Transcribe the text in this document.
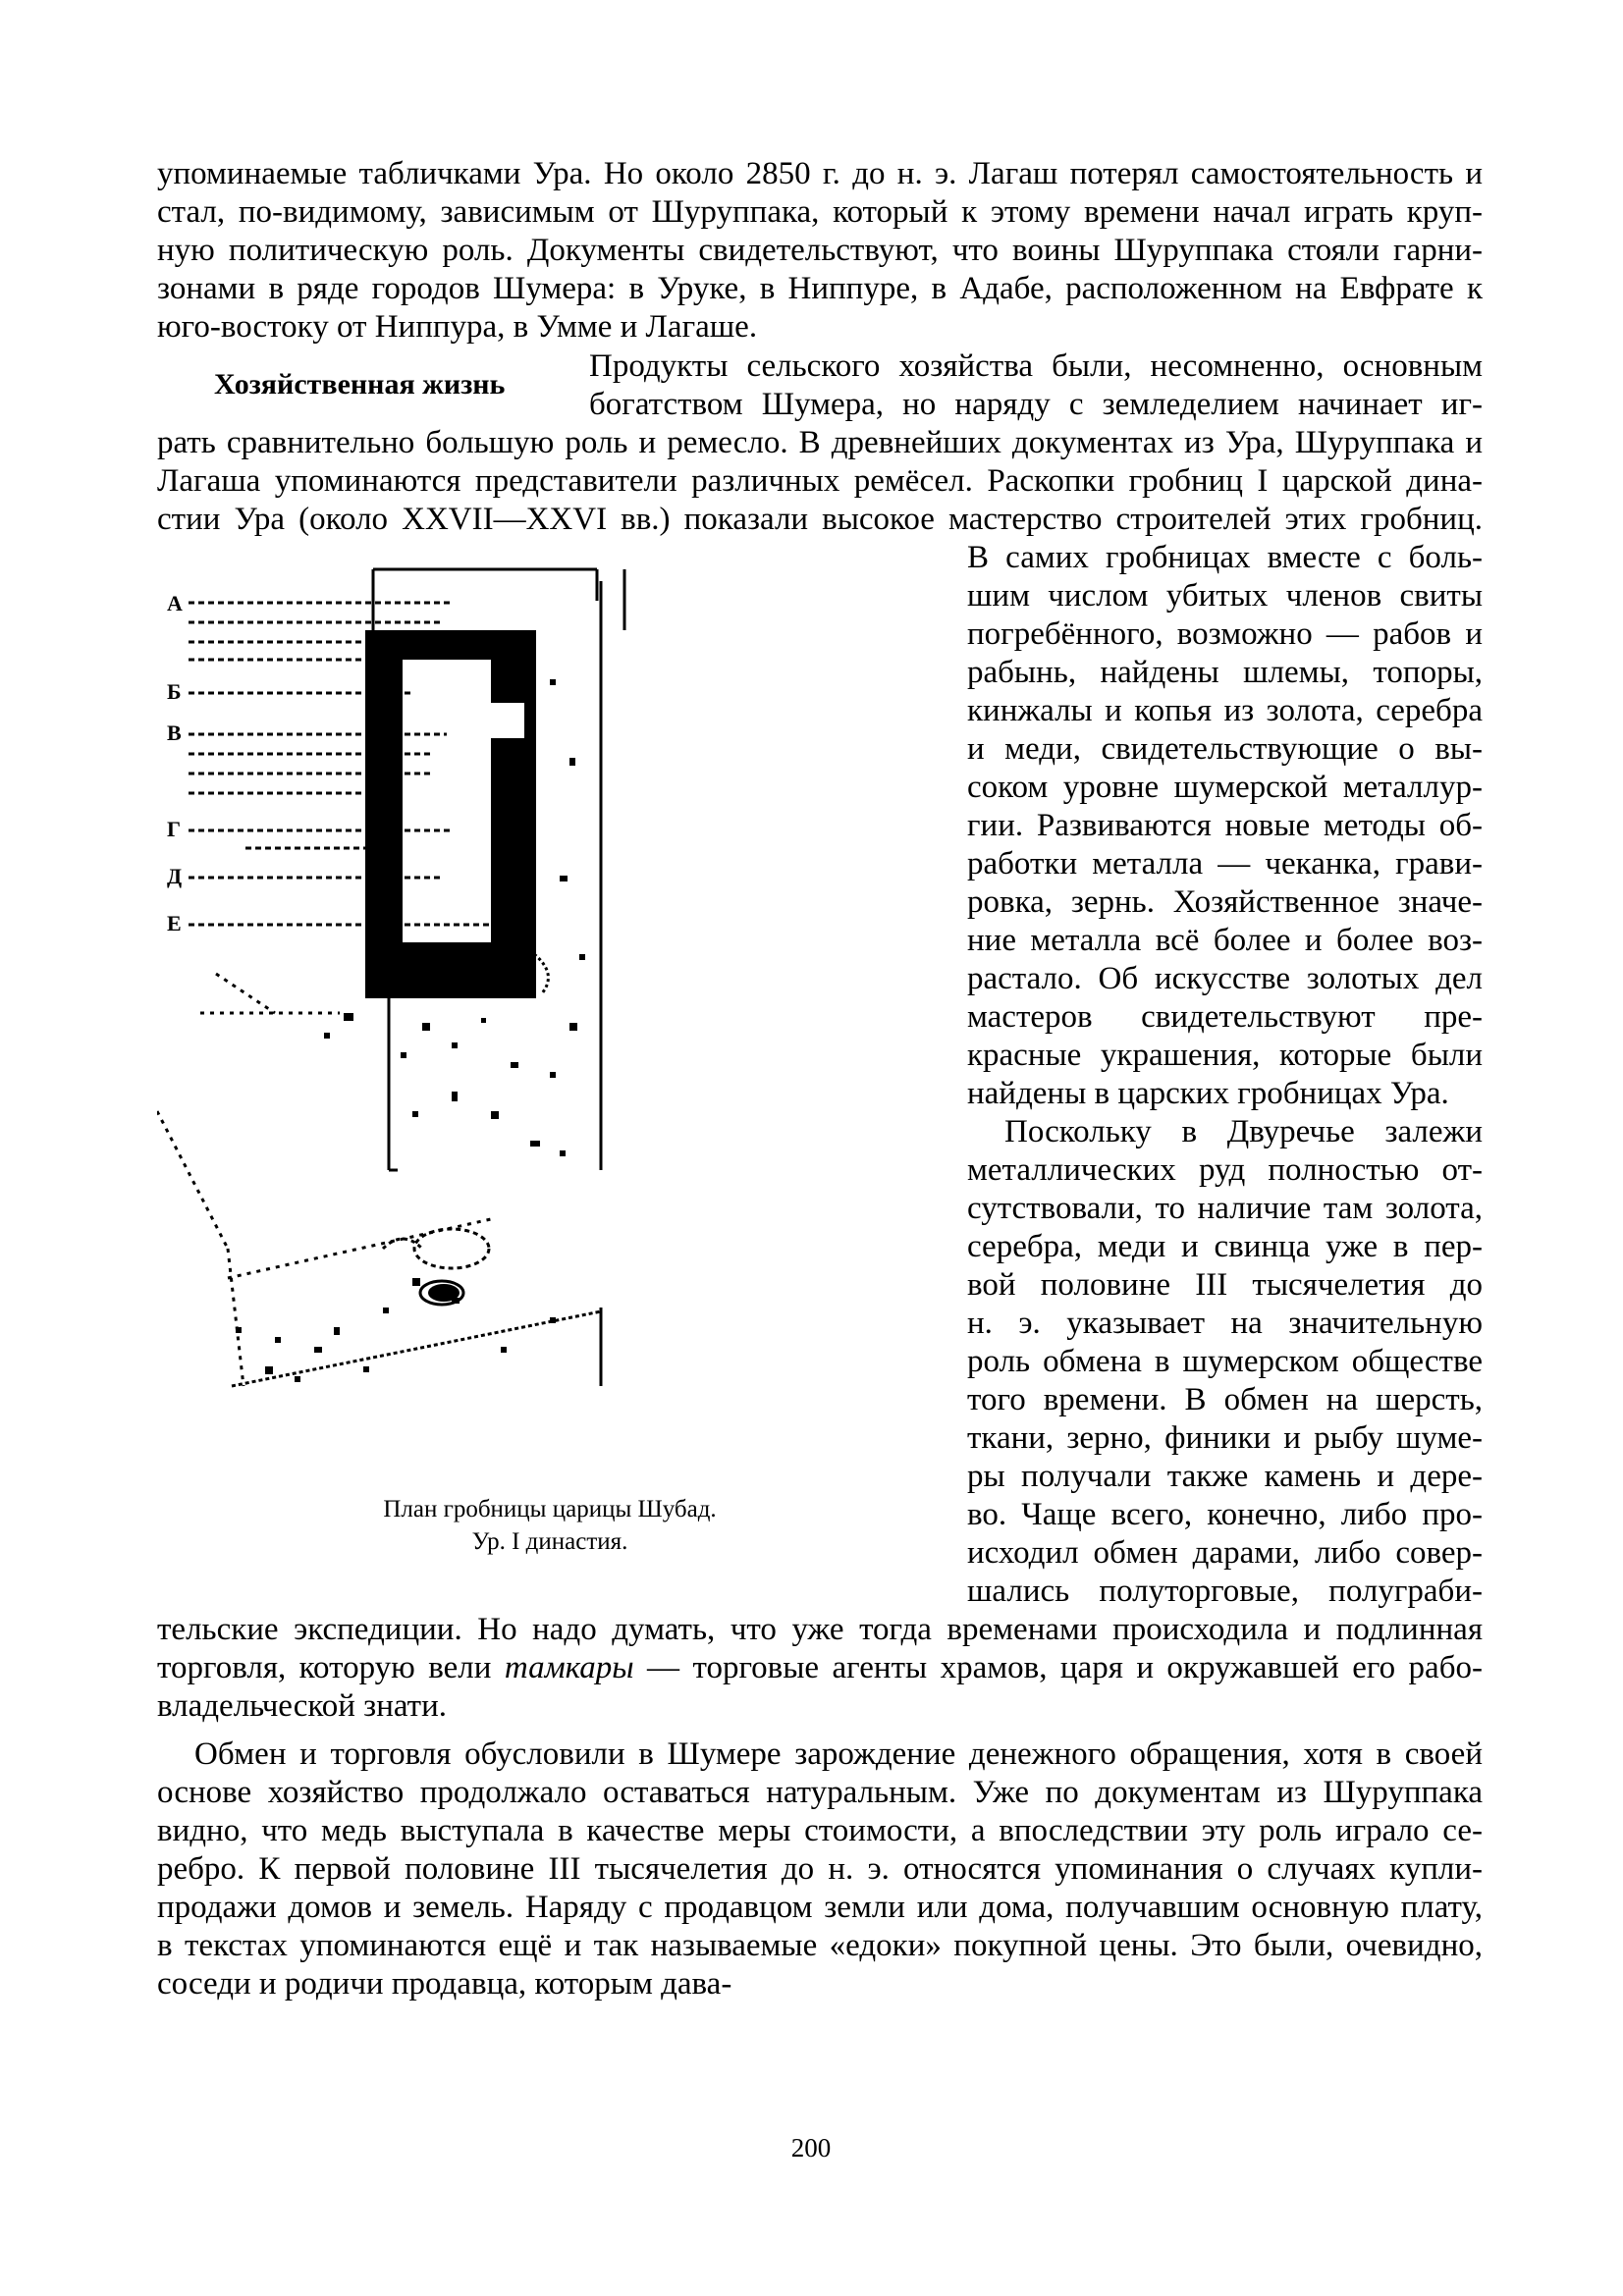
упоминаемые табличками Ура. Но около 2850 г. до н. э. Лагаш потерял самостоятельность и
стал, по-видимому, зависимым от Шуруппака, который к этому времени начал играть круп-
ную политическую роль. Документы свидетельствуют, что воины Шуруппака стояли гарни-
зонами в ряде городов Шумера: в Уруке, в Ниппуре, в Адабе, расположенном на Евфрате к
юго-востоку от Ниппура, в Умме и Лагаше.
Хозяйственная жизнь
Продукты сельского хозяйства были, несомненно, основным
богатством Шумера, но наряду с земледелием начинает иг-
рать сравнительно большую роль и ремесло. В древнейших документах из Ура, Шуруппака и
Лагаша упоминаются представители различных ремёсел. Раскопки гробниц I царской дина-
стии Ура (около XXVII—XXVI вв.) показали высокое мастерство строителей этих гробниц.
А
Б
В
Г
Д
Е
План гробницы царицы Шубад.
Ур. I династия.
В самих гробницах вместе с боль-
шим числом убитых членов свиты
погребённого, возможно — рабов и
рабынь, найдены шлемы, топоры,
кинжалы и копья из золота, серебра
и меди, свидетельствующие о вы-
соком уровне шумерской металлур-
гии. Развиваются новые методы об-
работки металла — чеканка, грави-
ровка, зернь. Хозяйственное значе-
ние металла всё более и более воз-
растало. Об искусстве золотых дел
мастеров свидетельствуют пре-
красные украшения, которые были
найдены в царских гробницах Ура.
Поскольку в Двуречье залежи
металлических руд полностью от-
сутствовали, то наличие там золота,
серебра, меди и свинца уже в пер-
вой половине III тысячелетия до
н. э. указывает на значительную
роль обмена в шумерском обществе
того времени. В обмен на шерсть,
ткани, зерно, финики и рыбу шуме-
ры получали также камень и дере-
во. Чаще всего, конечно, либо про-
исходил обмен дарами, либо совер-
шались полуторговые, полуграби-
тельские экспедиции. Но надо думать, что уже тогда временами происходила и подлинная
торговля, которую вели тамкары — торговые агенты храмов, царя и окружавшей его рабо-
владельческой знати.
Обмен и торговля обусловили в Шумере зарождение денежного обращения, хотя в своей
основе хозяйство продолжало оставаться натуральным. Уже по документам из Шуруппака
видно, что медь выступала в качестве меры стоимости, а впоследствии эту роль играло се-
ребро. К первой половине III тысячелетия до н. э. относятся упоминания о случаях купли-
продажи домов и земель. Наряду с продавцом земли или дома, получавшим основную плату,
в текстах упоминаются ещё и так называемые «едоки» покупной цены. Это были, очевидно,
соседи и родичи продавца, которым дава-
200
